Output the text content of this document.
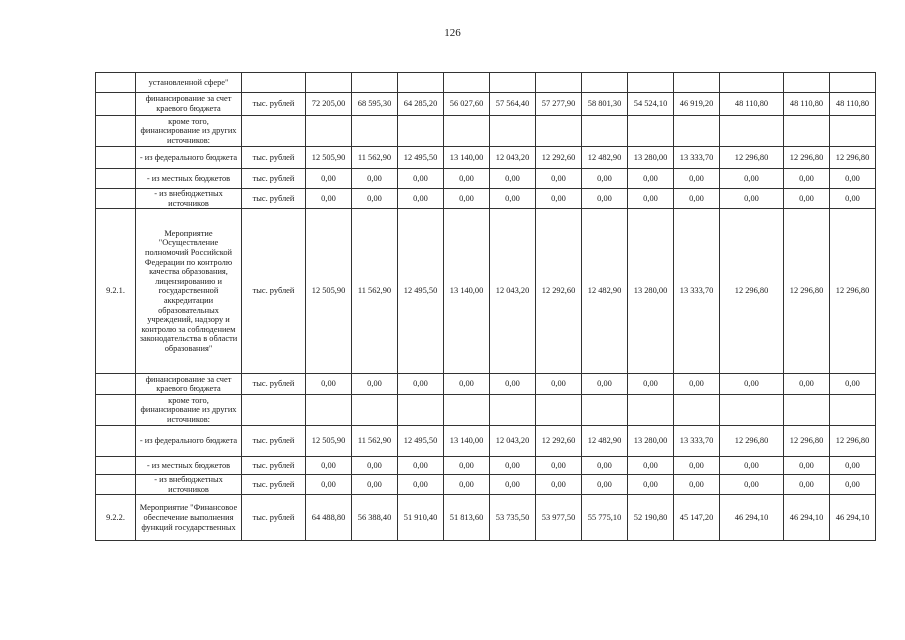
126
	установленной сфере"													
	финансирование за счет краевого бюджета	тыс. рублей	72 205,00	68 595,30	64 285,20	56 027,60	57 564,40	57 277,90	58 801,30	54 524,10	46 919,20	48 110,80	48 110,80	48 110,80
	кроме того, финансирование из других источников:													
	- из федерального бюджета	тыс. рублей	12 505,90	11 562,90	12 495,50	13 140,00	12 043,20	12 292,60	12 482,90	13 280,00	13 333,70	12 296,80	12 296,80	12 296,80
	- из местных бюджетов	тыс. рублей	0,00	0,00	0,00	0,00	0,00	0,00	0,00	0,00	0,00	0,00	0,00	0,00
	- из внебюджетных источников	тыс. рублей	0,00	0,00	0,00	0,00	0,00	0,00	0,00	0,00	0,00	0,00	0,00	0,00
9.2.1.	Мероприятие "Осуществление полномочий Российской Федерации по контролю качества образования, лицензированию и государственной аккредитации образовательных учреждений, надзору и контролю за соблюдением законодательства в области образования"	тыс. рублей	12 505,90	11 562,90	12 495,50	13 140,00	12 043,20	12 292,60	12 482,90	13 280,00	13 333,70	12 296,80	12 296,80	12 296,80
	финансирование за счет краевого бюджета	тыс. рублей	0,00	0,00	0,00	0,00	0,00	0,00	0,00	0,00	0,00	0,00	0,00	0,00
	кроме того, финансирование из других источников:													
	- из федерального бюджета	тыс. рублей	12 505,90	11 562,90	12 495,50	13 140,00	12 043,20	12 292,60	12 482,90	13 280,00	13 333,70	12 296,80	12 296,80	12 296,80
	- из местных бюджетов	тыс. рублей	0,00	0,00	0,00	0,00	0,00	0,00	0,00	0,00	0,00	0,00	0,00	0,00
	- из внебюджетных источников	тыс. рублей	0,00	0,00	0,00	0,00	0,00	0,00	0,00	0,00	0,00	0,00	0,00	0,00
9.2.2.	Мероприятие "Финансовое обеспечение выполнения функций государственных	тыс. рублей	64 488,80	56 388,40	51 910,40	51 813,60	53 735,50	53 977,50	55 775,10	52 190,80	45 147,20	46 294,10	46 294,10	46 294,10
